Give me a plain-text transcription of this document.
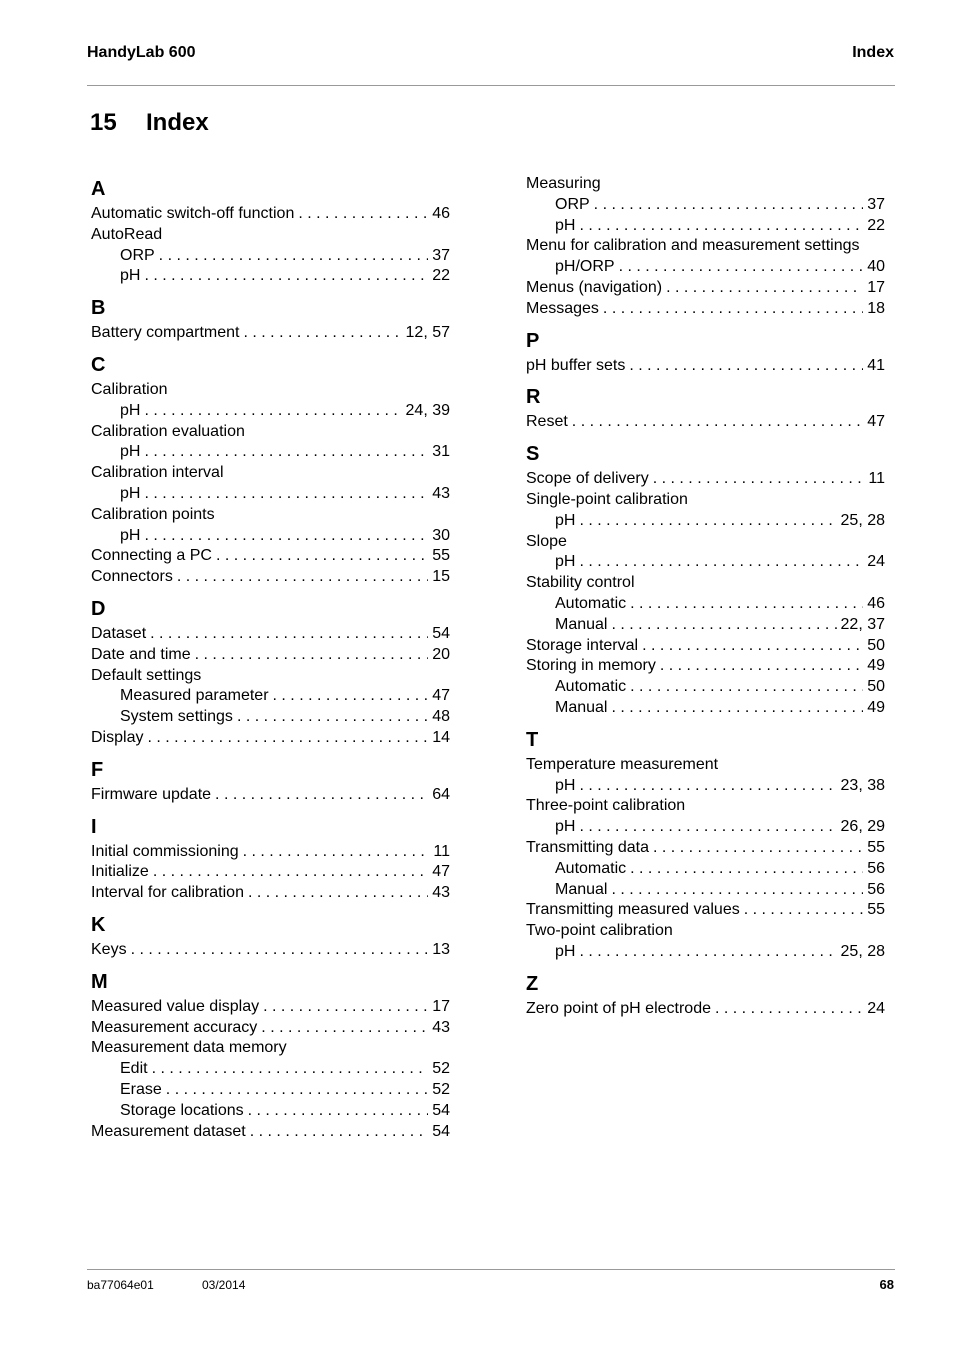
HandyLab 600	Index
15 Index
A
Automatic switch-off function . . .	46
AutoRead
ORP . . .	37
pH . . .	22
B
Battery compartment . . .	12, 57
C
Calibration
pH . . .	24, 39
Calibration evaluation
pH . . .	31
Calibration interval
pH . . .	43
Calibration points
pH . . .	30
Connecting a PC . . .	55
Connectors . . .	15
D
Dataset . . .	54
Date and time . . .	20
Default settings
Measured parameter . . .	47
System settings . . .	48
Display . . .	14
F
Firmware update . . .	64
I
Initial commissioning . . .	11
Initialize . . .	47
Interval for calibration . . .	43
K
Keys . . .	13
M
Measured value display . . .	17
Measurement accuracy . . .	43
Measurement data memory
Edit . . .	52
Erase . . .	52
Storage locations . . .	54
Measurement dataset . . .	54
Measuring
ORP . . .	37
pH . . .	22
Menu for calibration and measurement settings
pH/ORP . . .	40
Menus (navigation) . . .	17
Messages . . .	18
P
pH buffer sets . . .	41
R
Reset . . .	47
S
Scope of delivery . . .	11
Single-point calibration
pH . . .	25, 28
Slope
pH . . .	24
Stability control
Automatic . . .	46
Manual . . .	22, 37
Storage interval . . .	50
Storing in memory . . .	49
Automatic . . .	50
Manual . . .	49
T
Temperature measurement
pH . . .	23, 38
Three-point calibration
pH . . .	26, 29
Transmitting data . . .	55
Automatic . . .	56
Manual . . .	56
Transmitting measured values . . .	55
Two-point calibration
pH . . .	25, 28
Z
Zero point of pH electrode . . .	24
ba77064e01	03/2014	68
